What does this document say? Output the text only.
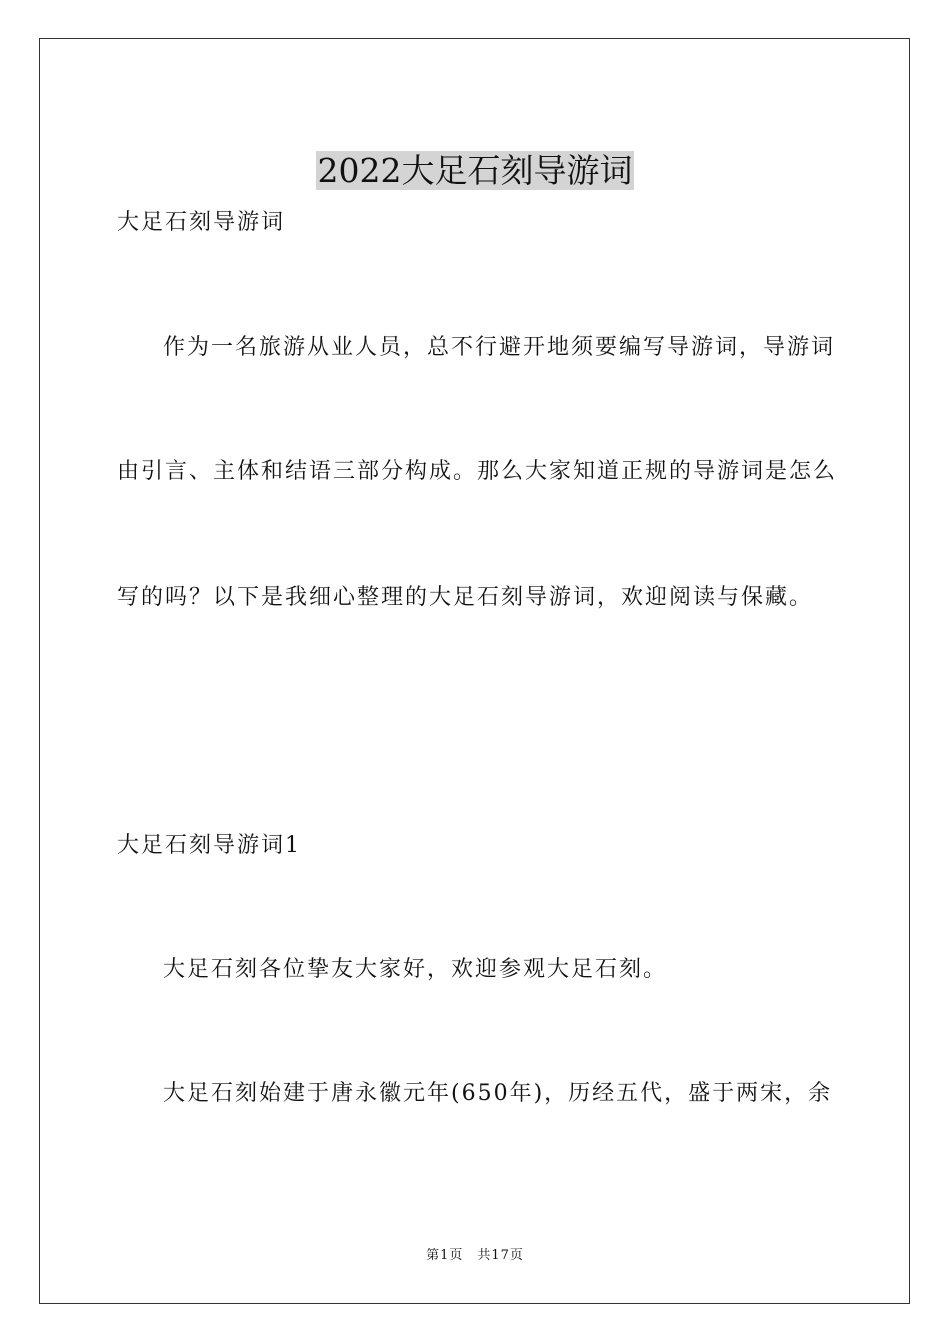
2022大足石刻导游词
大足石刻导游词
作为一名旅游从业人员，总不行避开地须要编写导游词，导游词
由引言、主体和结语三部分构成。那么大家知道正规的导游词是怎么
写的吗？以下是我细心整理的大足石刻导游词，欢迎阅读与保藏。
大足石刻导游词1
大足石刻各位挚友大家好，欢迎参观大足石刻。
大足石刻始建于唐永徽元年(650年)，历经五代，盛于两宋，余
第1页　共17页
